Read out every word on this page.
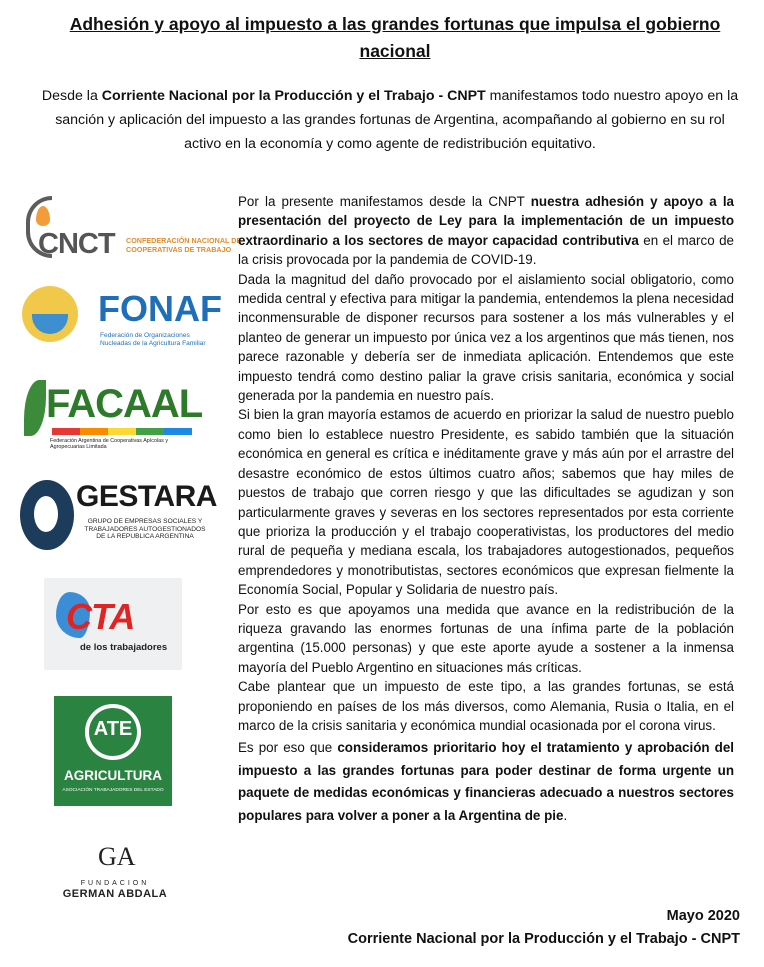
Adhesión y apoyo al impuesto a las grandes fortunas que impulsa el gobierno nacional
Desde la Corriente Nacional por la Producción y el Trabajo - CNPT manifestamos todo nuestro apoyo en la sanción y aplicación del impuesto a las grandes fortunas de Argentina, acompañando al gobierno en su rol activo en la economía y como agente de redistribución equitativo.
CNCT CONFEDERACIÓN NACIONAL DE COOPERATIVAS DE TRABAJO
FONAF
Federación de Organizaciones Nucleadas de la Agricultura Familiar
FACAAL
Federación Argentina de Cooperativas Apícolas y Agropecuarias Limitada
GESTARA
GRUPO DE EMPRESAS SOCIALES Y TRABAJADORES AUTOGESTIONADOS DE LA REPUBLICA ARGENTINA
CTA
de los trabajadores
ATE
AGRICULTURA
ASOCIACIÓN TRABAJADORES DEL ESTADO
GA
FUNDACION
GERMAN ABDALA

Por la presente manifestamos desde la CNPT nuestra adhesión y apoyo a la presentación del proyecto de Ley para la implementación de un impuesto extraordinario a los sectores de mayor capacidad contributiva en el marco de la crisis provocada por la pandemia de COVID-19.

Dada la magnitud del daño provocado por el aislamiento social obligatorio, como medida central y efectiva para mitigar la pandemia, entendemos la plena necesidad inconmensurable de disponer recursos para sostener a los más vulnerables y el planteo de generar un impuesto por única vez a los argentinos que más tienen, nos parece razonable y debería ser de inmediata aplicación. Entendemos que este impuesto tendrá como destino paliar la grave crisis sanitaria, económica y social generada por la pandemia en nuestro país.

Si bien la gran mayoría estamos de acuerdo en priorizar la salud de nuestro pueblo como bien lo establece nuestro Presidente, es sabido también que la situación económica en general es crítica e inéditamente grave y más aún por el arrastre del desastre económico de estos últimos cuatro años; sabemos que hay miles de puestos de trabajo que corren riesgo y que las dificultades se agudizan y son particularmente graves y severas en los sectores representados por esta corriente que prioriza la producción y el trabajo cooperativistas, los productores del medio rural de pequeña y mediana escala, los trabajadores autogestionados, pequeños emprendedores y monotributistas, sectores económicos que expresan fielmente la Economía Social, Popular y Solidaria de nuestro país.

Por esto es que apoyamos una medida que avance en la redistribución de la riqueza gravando las enormes fortunas de una ínfima parte de la población argentina (15.000 personas) y que este aporte ayude a sostener a la inmensa mayoría del Pueblo Argentino en situaciones más críticas.

Cabe plantear que un impuesto de este tipo, a las grandes fortunas, se está proponiendo en países de los más diversos, como Alemania, Rusia o Italia, en el marco de la crisis sanitaria y económica mundial ocasionada por el corona virus.

Es por eso que consideramos prioritario hoy el tratamiento y aprobación del impuesto a las grandes fortunas para poder destinar de forma urgente un paquete de medidas económicas y financieras adecuado a nuestros sectores populares para volver a poner a la Argentina de pie.

Mayo 2020
Corriente Nacional por la Producción y el Trabajo - CNPT
